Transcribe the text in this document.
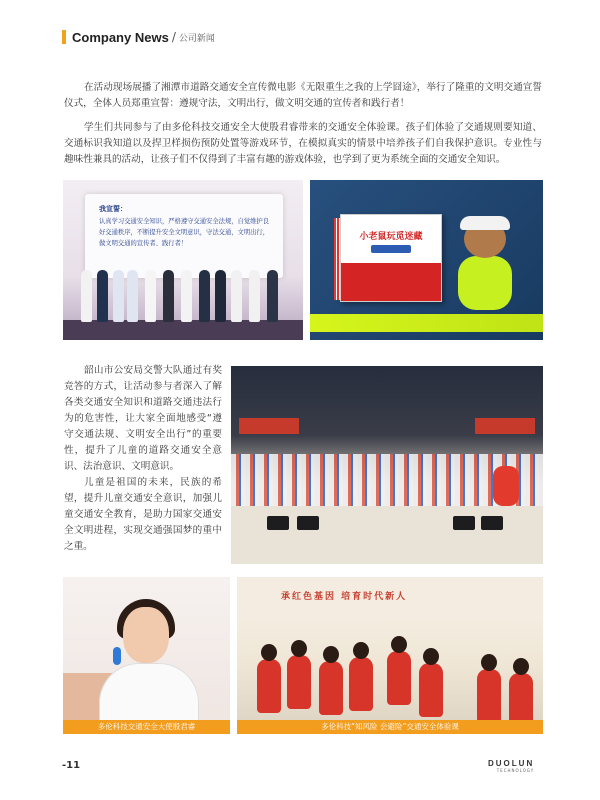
Company News / 公司新闻

在活动现场展播了湘潭市道路交通安全宣传微电影《无限重生之我的上学囧途》，举行了隆重的文明交通宣誓仪式，全体人员郑重宣誓：遵规守法，文明出行，做文明交通的宣传者和践行者！

学生们共同参与了由多伦科技交通安全大使殷君睿带来的交通安全体验课。孩子们体验了交通规则要知道、交通标识我知道以及捍卫样损伤预防处置等游戏环节，在模拟真实的情景中培养孩子们自我保护意识。专业性与趣味性兼具的活动，让孩子们不仅得到了丰富有趣的游戏体验，也学到了更为系统全面的交通安全知识。

我宣誓：

认真学习交通安全知识，严格遵守交通安全法规，自觉维护良好交通秩序，不断提升安全文明意识，守法交通，文明出行，做文明交通的宣传者、践行者！

小老鼠玩觅迷藏

韶山市公安局交警大队通过有奖竞答的方式，让活动参与者深入了解各类交通安全知识和道路交通违法行为的危害性，让大家全面地感受“遵守交通法规、文明安全出行”的重要性，提升了儿童的道路交通安全意识、法治意识、文明意识。

儿童是祖国的未来，民族的希望，提升儿童交通安全意识，加强儿童交通安全教育，是助力国家交通安全文明进程，实现交通强国梦的重中之重。

承红色基因 培育时代新人
多伦科技交通安全大使殷君睿	多伦科技“知风险 会避险”交通安全体验课
-11	DUOLUN
TECHNOLOGY
